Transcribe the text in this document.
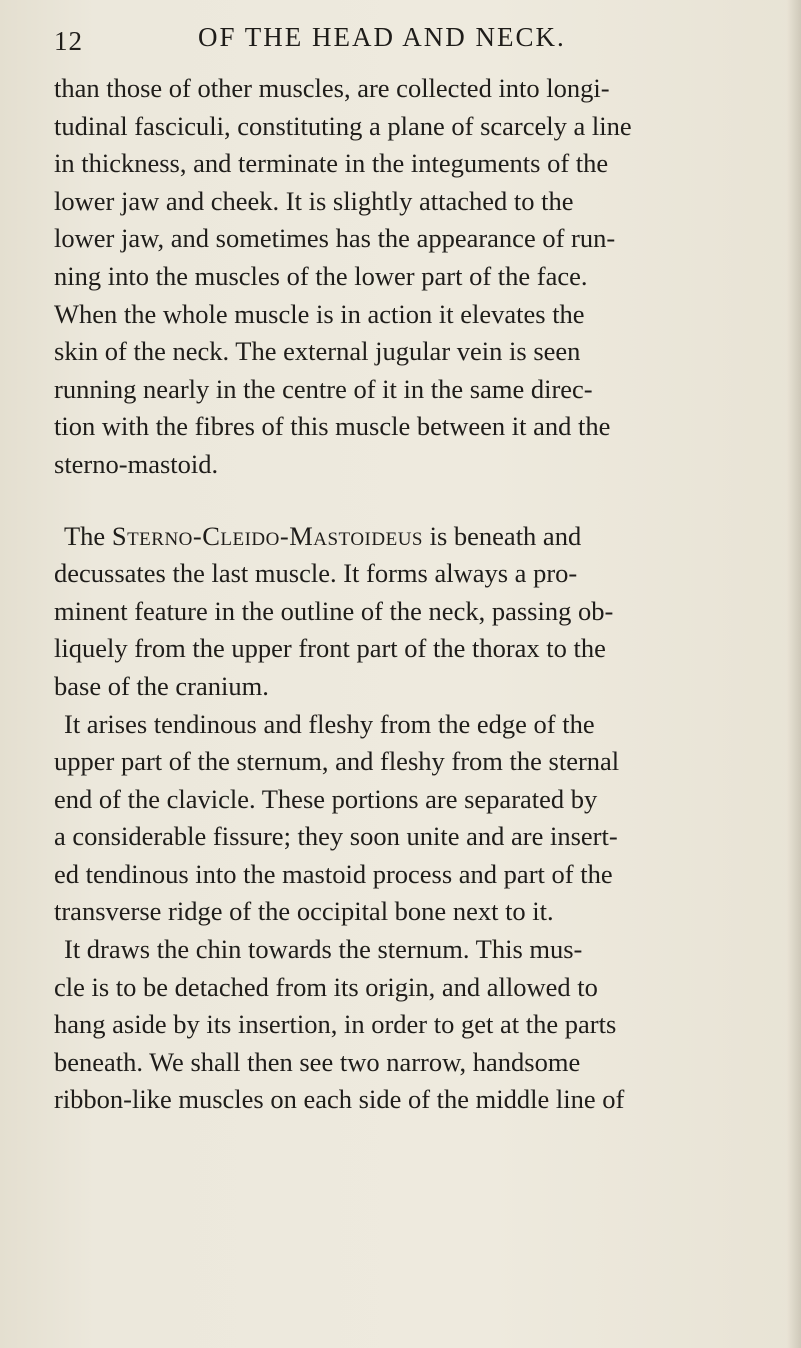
12	OF THE HEAD AND NECK.
than those of other muscles, are collected into longi-
tudinal fasciculi, constituting a plane of scarcely a line
in thickness, and terminate in the integuments of the
lower jaw and cheek. It is slightly attached to the
lower jaw, and sometimes has the appearance of run-
ning into the muscles of the lower part of the face.
When the whole muscle is in action it elevates the
skin of the neck. The external jugular vein is seen
running nearly in the centre of it in the same direc-
tion with the fibres of this muscle between it and the
sterno-mastoid.
The Sterno-Cleido-Mastoideus is beneath and
decussates the last muscle. It forms always a pro-
minent feature in the outline of the neck, passing ob-
liquely from the upper front part of the thorax to the
base of the cranium.
It arises tendinous and fleshy from the edge of the
upper part of the sternum, and fleshy from the sternal
end of the clavicle. These portions are separated by
a considerable fissure; they soon unite and are insert-
ed tendinous into the mastoid process and part of the
transverse ridge of the occipital bone next to it.
It draws the chin towards the sternum. This mus-
cle is to be detached from its origin, and allowed to
hang aside by its insertion, in order to get at the parts
beneath. We shall then see two narrow, handsome
ribbon-like muscles on each side of the middle line of
